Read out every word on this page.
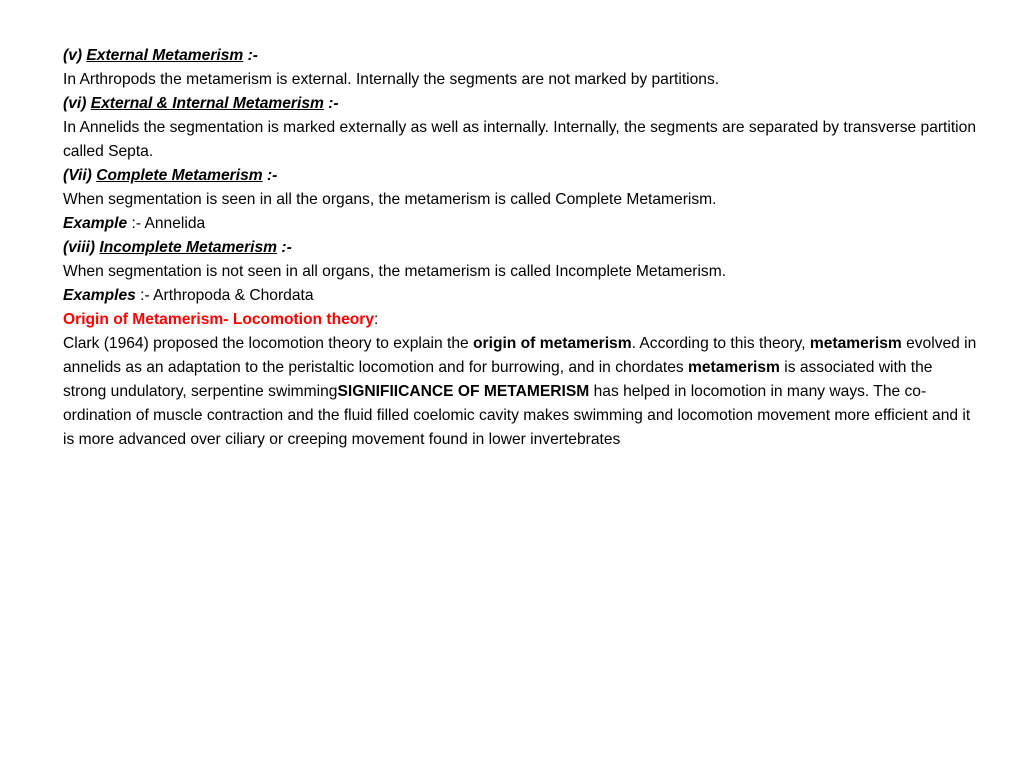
(v) External Metamerism :-
In Arthropods the metamerism is external. Internally the segments are not marked by partitions.
(vi) External & Internal Metamerism :-
In Annelids the segmentation is marked externally as well as internally. Internally, the segments are separated by transverse partition called Septa.
(Vii) Complete Metamerism :-
When segmentation is seen in all the organs, the metamerism is called Complete Metamerism.
Example :- Annelida
(viii) Incomplete Metamerism :-
When segmentation is not seen in all organs, the metamerism is called Incomplete Metamerism.
Examples :- Arthropoda & Chordata
Origin of Metamerism- Locomotion theory:
Clark (1964) proposed the locomotion theory to explain the origin of metamerism. According to this theory, metamerism evolved in annelids as an adaptation to the peristaltic locomotion and for burrowing, and in chordates metamerism is associated with the strong undulatory, serpentine swimmingSIGNIFIICANCE OF METAMERISM has helped in locomotion in many ways. The co-ordination of muscle contraction and the fluid filled coelomic cavity makes swimming and locomotion movement more efficient and it is more advanced over ciliary or creeping movement found in lower invertebrates
